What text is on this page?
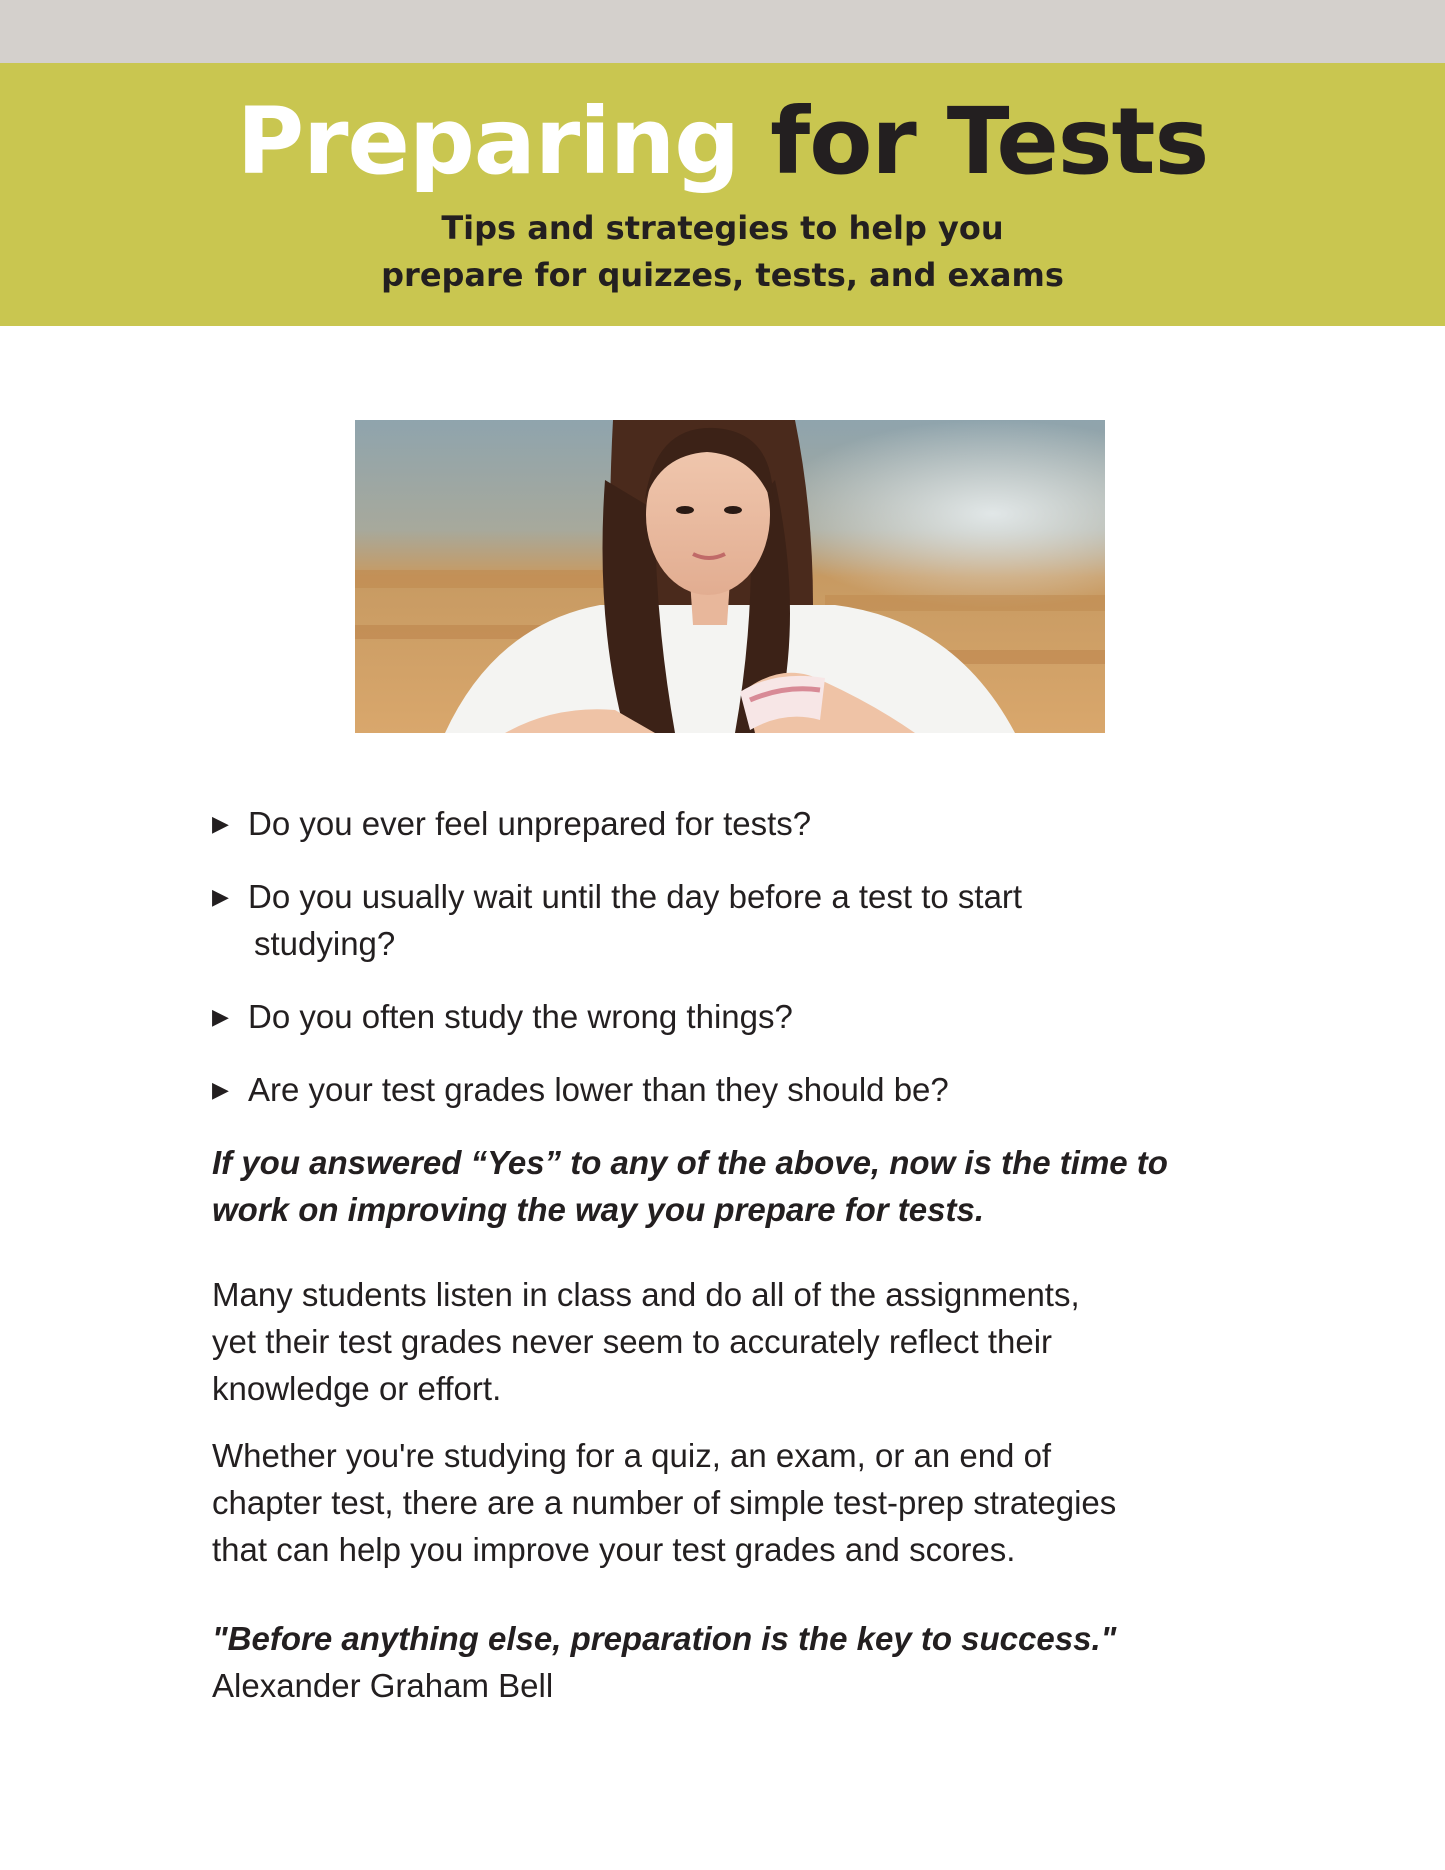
Preparing for Tests
Tips and strategies to help you
prepare for quizzes, tests, and exams
▶ Do you ever feel unprepared for tests?
▶ Do you usually wait until the day before a test to start
studying?
▶ Do you often study the wrong things?
▶ Are your test grades lower than they should be?
If you answered “Yes” to any of the above, now is the time to
work on improving the way you prepare for tests.
Many students listen in class and do all of the assignments,
yet their test grades never seem to accurately reflect their
knowledge or effort.
Whether you're studying for a quiz, an exam, or an end of
chapter test, there are a number of simple test-prep strategies
that can help you improve your test grades and scores.
"Before anything else, preparation is the key to success."
Alexander Graham Bell
